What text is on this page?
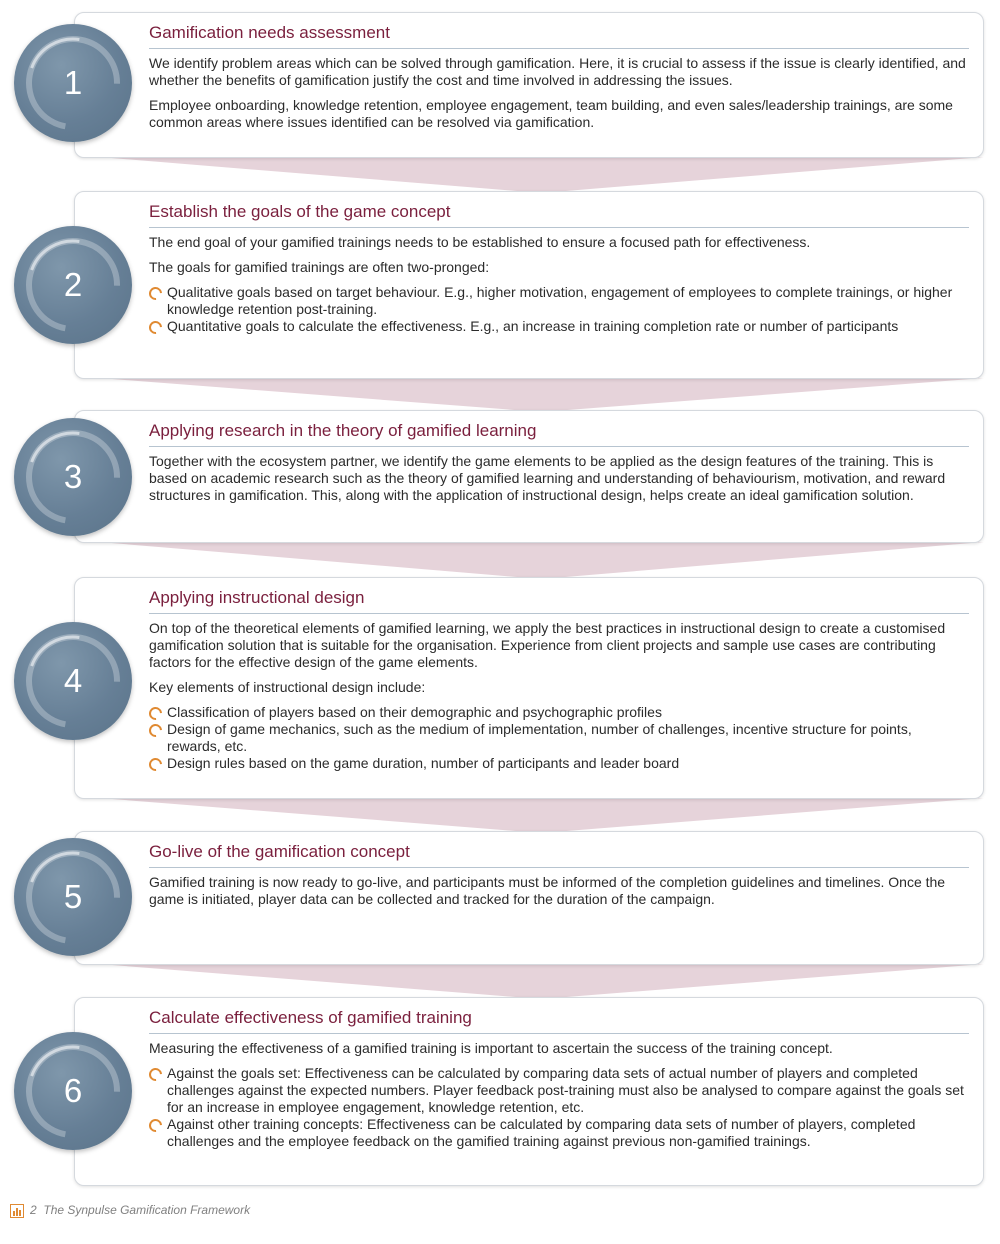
Gamification needs assessment

We identify problem areas which can be solved through gamification. Here, it is crucial to assess if the issue is clearly identified, and whether the benefits of gamification justify the cost and time involved in addressing the issues.

Employee onboarding, knowledge retention, employee engagement, team building, and even sales/leadership trainings, are some common areas where issues identified can be resolved via gamification.

1
Establish the goals of the game concept

The end goal of your gamified trainings needs to be established to ensure a focused path for effectiveness.

The goals for gamified trainings are often two-pronged:

Qualitative goals based on target behaviour. E.g., higher motivation, engagement of employees to complete trainings, or higher knowledge retention post-training.
Quantitative goals to calculate the effectiveness. E.g., an increase in training completion rate or number of participants
2
Applying research in the theory of gamified learning

Together with the ecosystem partner, we identify the game elements to be applied as the design features of the training. This is based on academic research such as the theory of gamified learning and understanding of behaviourism, motivation, and reward structures in gamification. This, along with the application of instructional design, helps create an ideal gamification solution.

3
Applying instructional design

On top of the theoretical elements of gamified learning, we apply the best practices in instructional design to create a customised gamification solution that is suitable for the organisation. Experience from client projects and sample use cases are contributing factors for the effective design of the game elements.

Key elements of instructional design include:

Classification of players based on their demographic and psychographic profiles
Design of game mechanics, such as the medium of implementation, number of challenges, incentive structure for points, rewards, etc.
Design rules based on the game duration, number of participants and leader board
4
Go-live of the gamification concept

Gamified training is now ready to go-live, and participants must be informed of the completion guidelines and timelines. Once the game is initiated, player data can be collected and tracked for the duration of the campaign.

5
Calculate effectiveness of gamified training

Measuring the effectiveness of a gamified training is important to ascertain the success of the training concept.

Against the goals set: Effectiveness can be calculated by comparing data sets of actual number of players and completed challenges against the expected numbers. Player feedback post-training must also be analysed to compare against the goals set for an increase in employee engagement, knowledge retention, etc.
Against other training concepts: Effectiveness can be calculated by comparing data sets of number of players, completed challenges and the employee feedback on the gamified training against previous non-gamified trainings.
6
2 The Synpulse Gamification Framework
